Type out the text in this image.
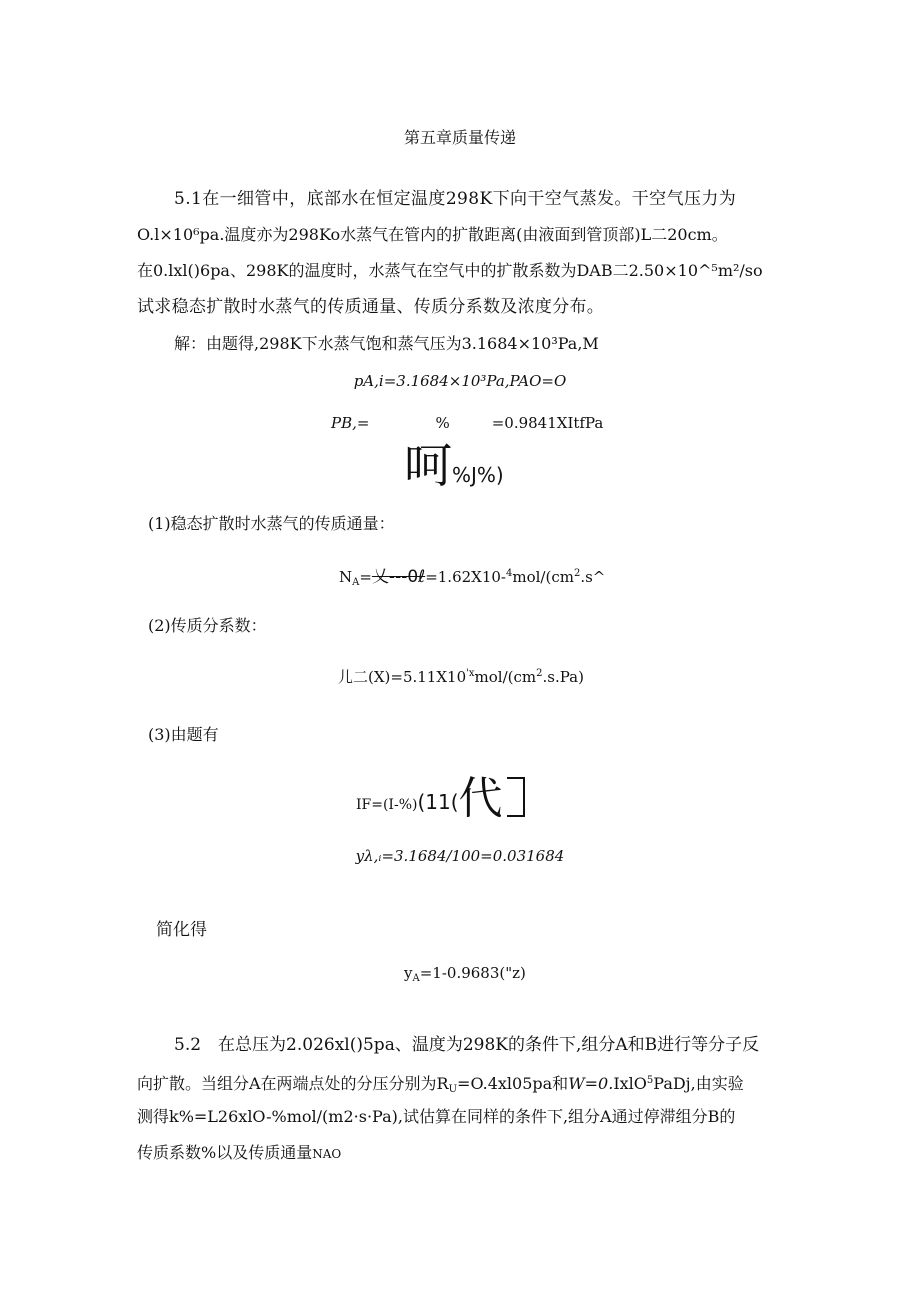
第五章质量传递
5.1在一细管中，底部水在恒定温度298K下向干空气蒸发。干空气压力为
O.l×10⁶pa.温度亦为298Ko水蒸气在管内的扩散距离(由液面到管顶部)L二20cm。
在0.lxl()6pa、298K的温度时，水蒸气在空气中的扩散系数为DAB二2.50×10^⁵m²∕so
试求稳态扩散时水蒸气的传质通量、传质分系数及浓度分布。
解：由题得,298K下水蒸气饱和蒸气压为3.1684×10³Pa,M
pA,i=3.1684×10³Pa,PAO=O
PB,=	%	=0.9841XItfPa
呵%J%)
(1)稳态扩散时水蒸气的传质通量：
$N_A=$乂$---0\ell=1.62X10-^4mol∕(cm^2.s\^{}$
(2)传质分系数：
儿二$(X)=5.11X10^{'x}mol∕(cm^2.s.Pa)$
(3)由题有
IF=(I-%)(11(代
yλ,ᵢ=3.1684/100=0.031684
简化得
$y_A=1-0.9683("z)$
5.2　在总压为2.026xl()5pa、温度为298K的条件下,组分A和B进行等分子反
向扩散。当组分A在两端点处的分压分别为$R_U=O.4xl05pa$和W=0.IxlO$^5$PaDj,由实验
测得k%=L26xlO-%mol∕(m2·s·Pa),试估算在同样的条件下,组分A通过停滞组分B的
传质系数%以及传质通量NAO
